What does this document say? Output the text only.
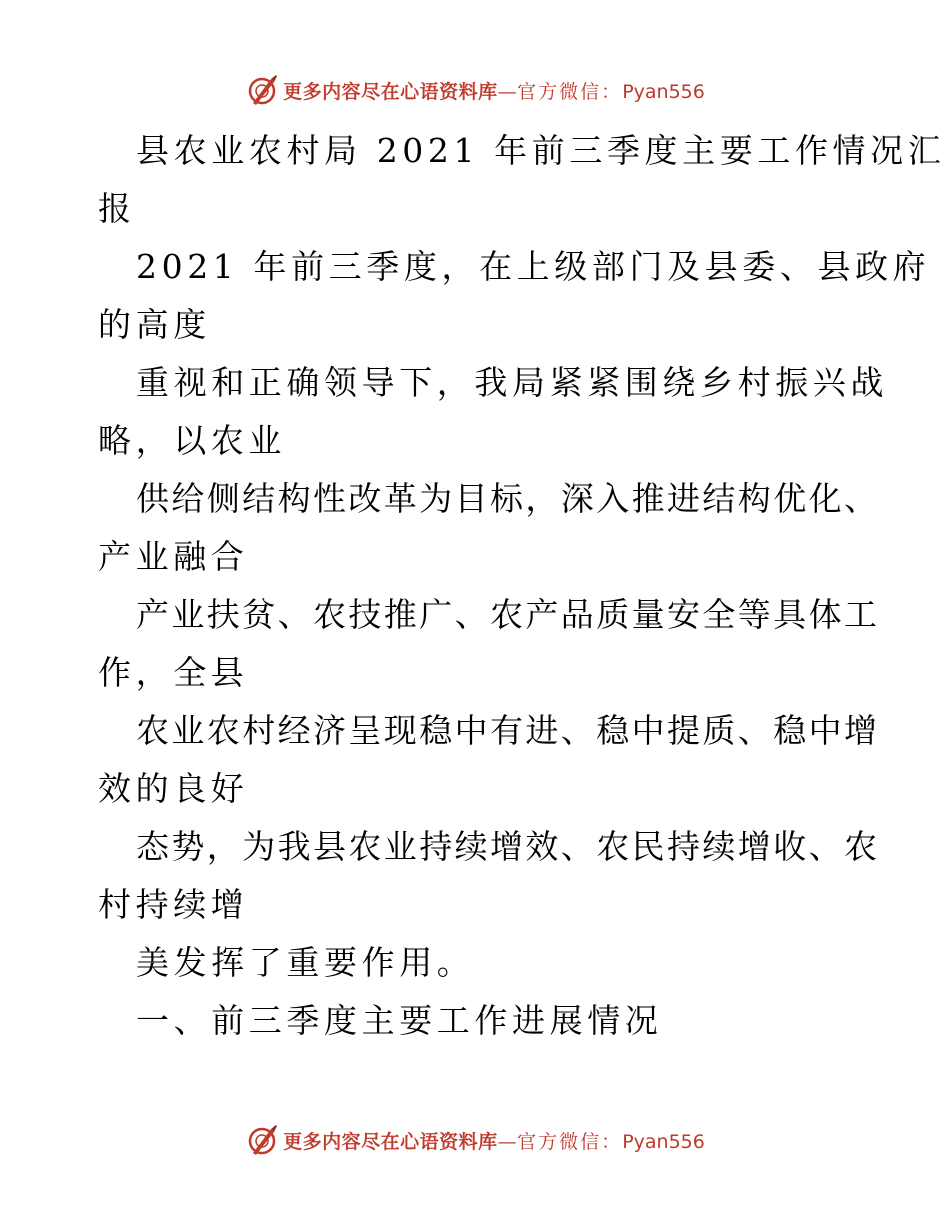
更多内容尽在心语资料库—官方微信：Pyan556
县农业农村局 2021 年前三季度主要工作情况汇
报
2021 年前三季度，在上级部门及县委、县政府
的高度
重视和正确领导下，我局紧紧围绕乡村振兴战
略，以农业
供给侧结构性改革为目标，深入推进结构优化、
产业融合
产业扶贫、农技推广、农产品质量安全等具体工
作，全县
农业农村经济呈现稳中有进、稳中提质、稳中增
效的良好
态势，为我县农业持续增效、农民持续增收、农
村持续增
美发挥了重要作用。
一、前三季度主要工作进展情况
更多内容尽在心语资料库—官方微信：Pyan556
